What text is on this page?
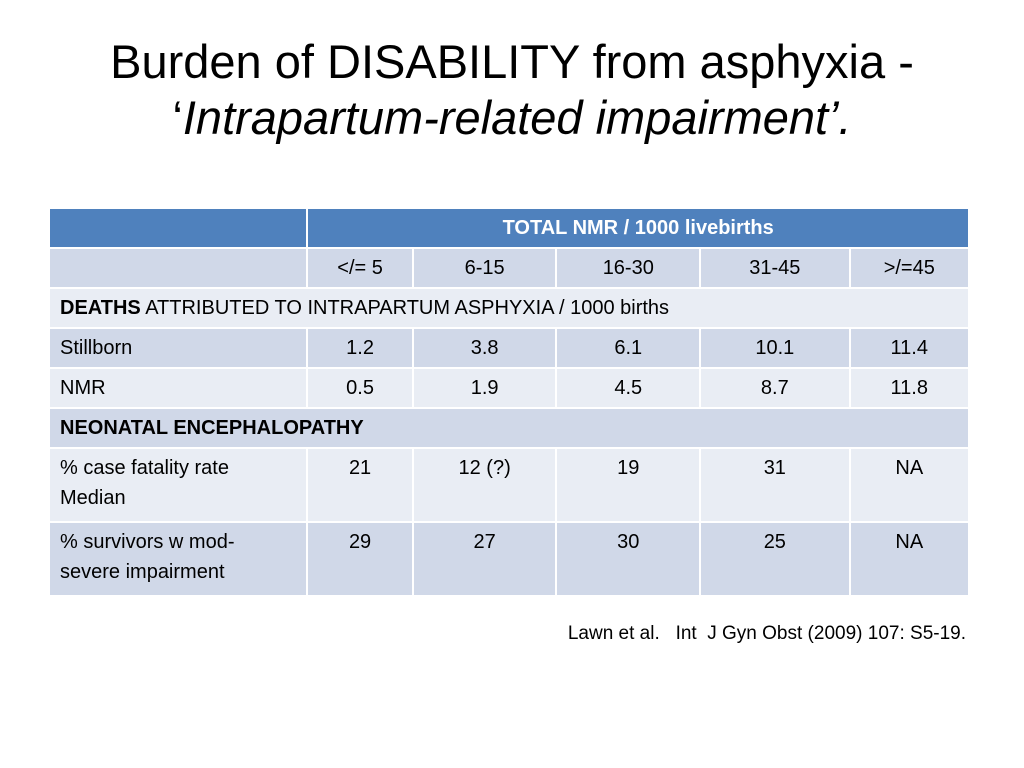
Burden of DISABILITY from asphyxia -
‘Intrapartum-related impairment’.
	TOTAL NMR / 1000 livebirths				
	</= 5	6-15	16-30	31-45	>/=45
DEATHS ATTRIBUTED TO INTRAPARTUM ASPHYXIA / 1000 births					
Stillborn	1.2	3.8	6.1	10.1	11.4
NMR	0.5	1.9	4.5	8.7	11.8
NEONATAL ENCEPHALOPATHY					

% case fatality rate
Median	21	12 (?)	19	31	NA

% survivors w mod-
severe impairment	29	27	30	25	NA
Lawn et al.   Int  J Gyn Obst (2009) 107: S5-19.
